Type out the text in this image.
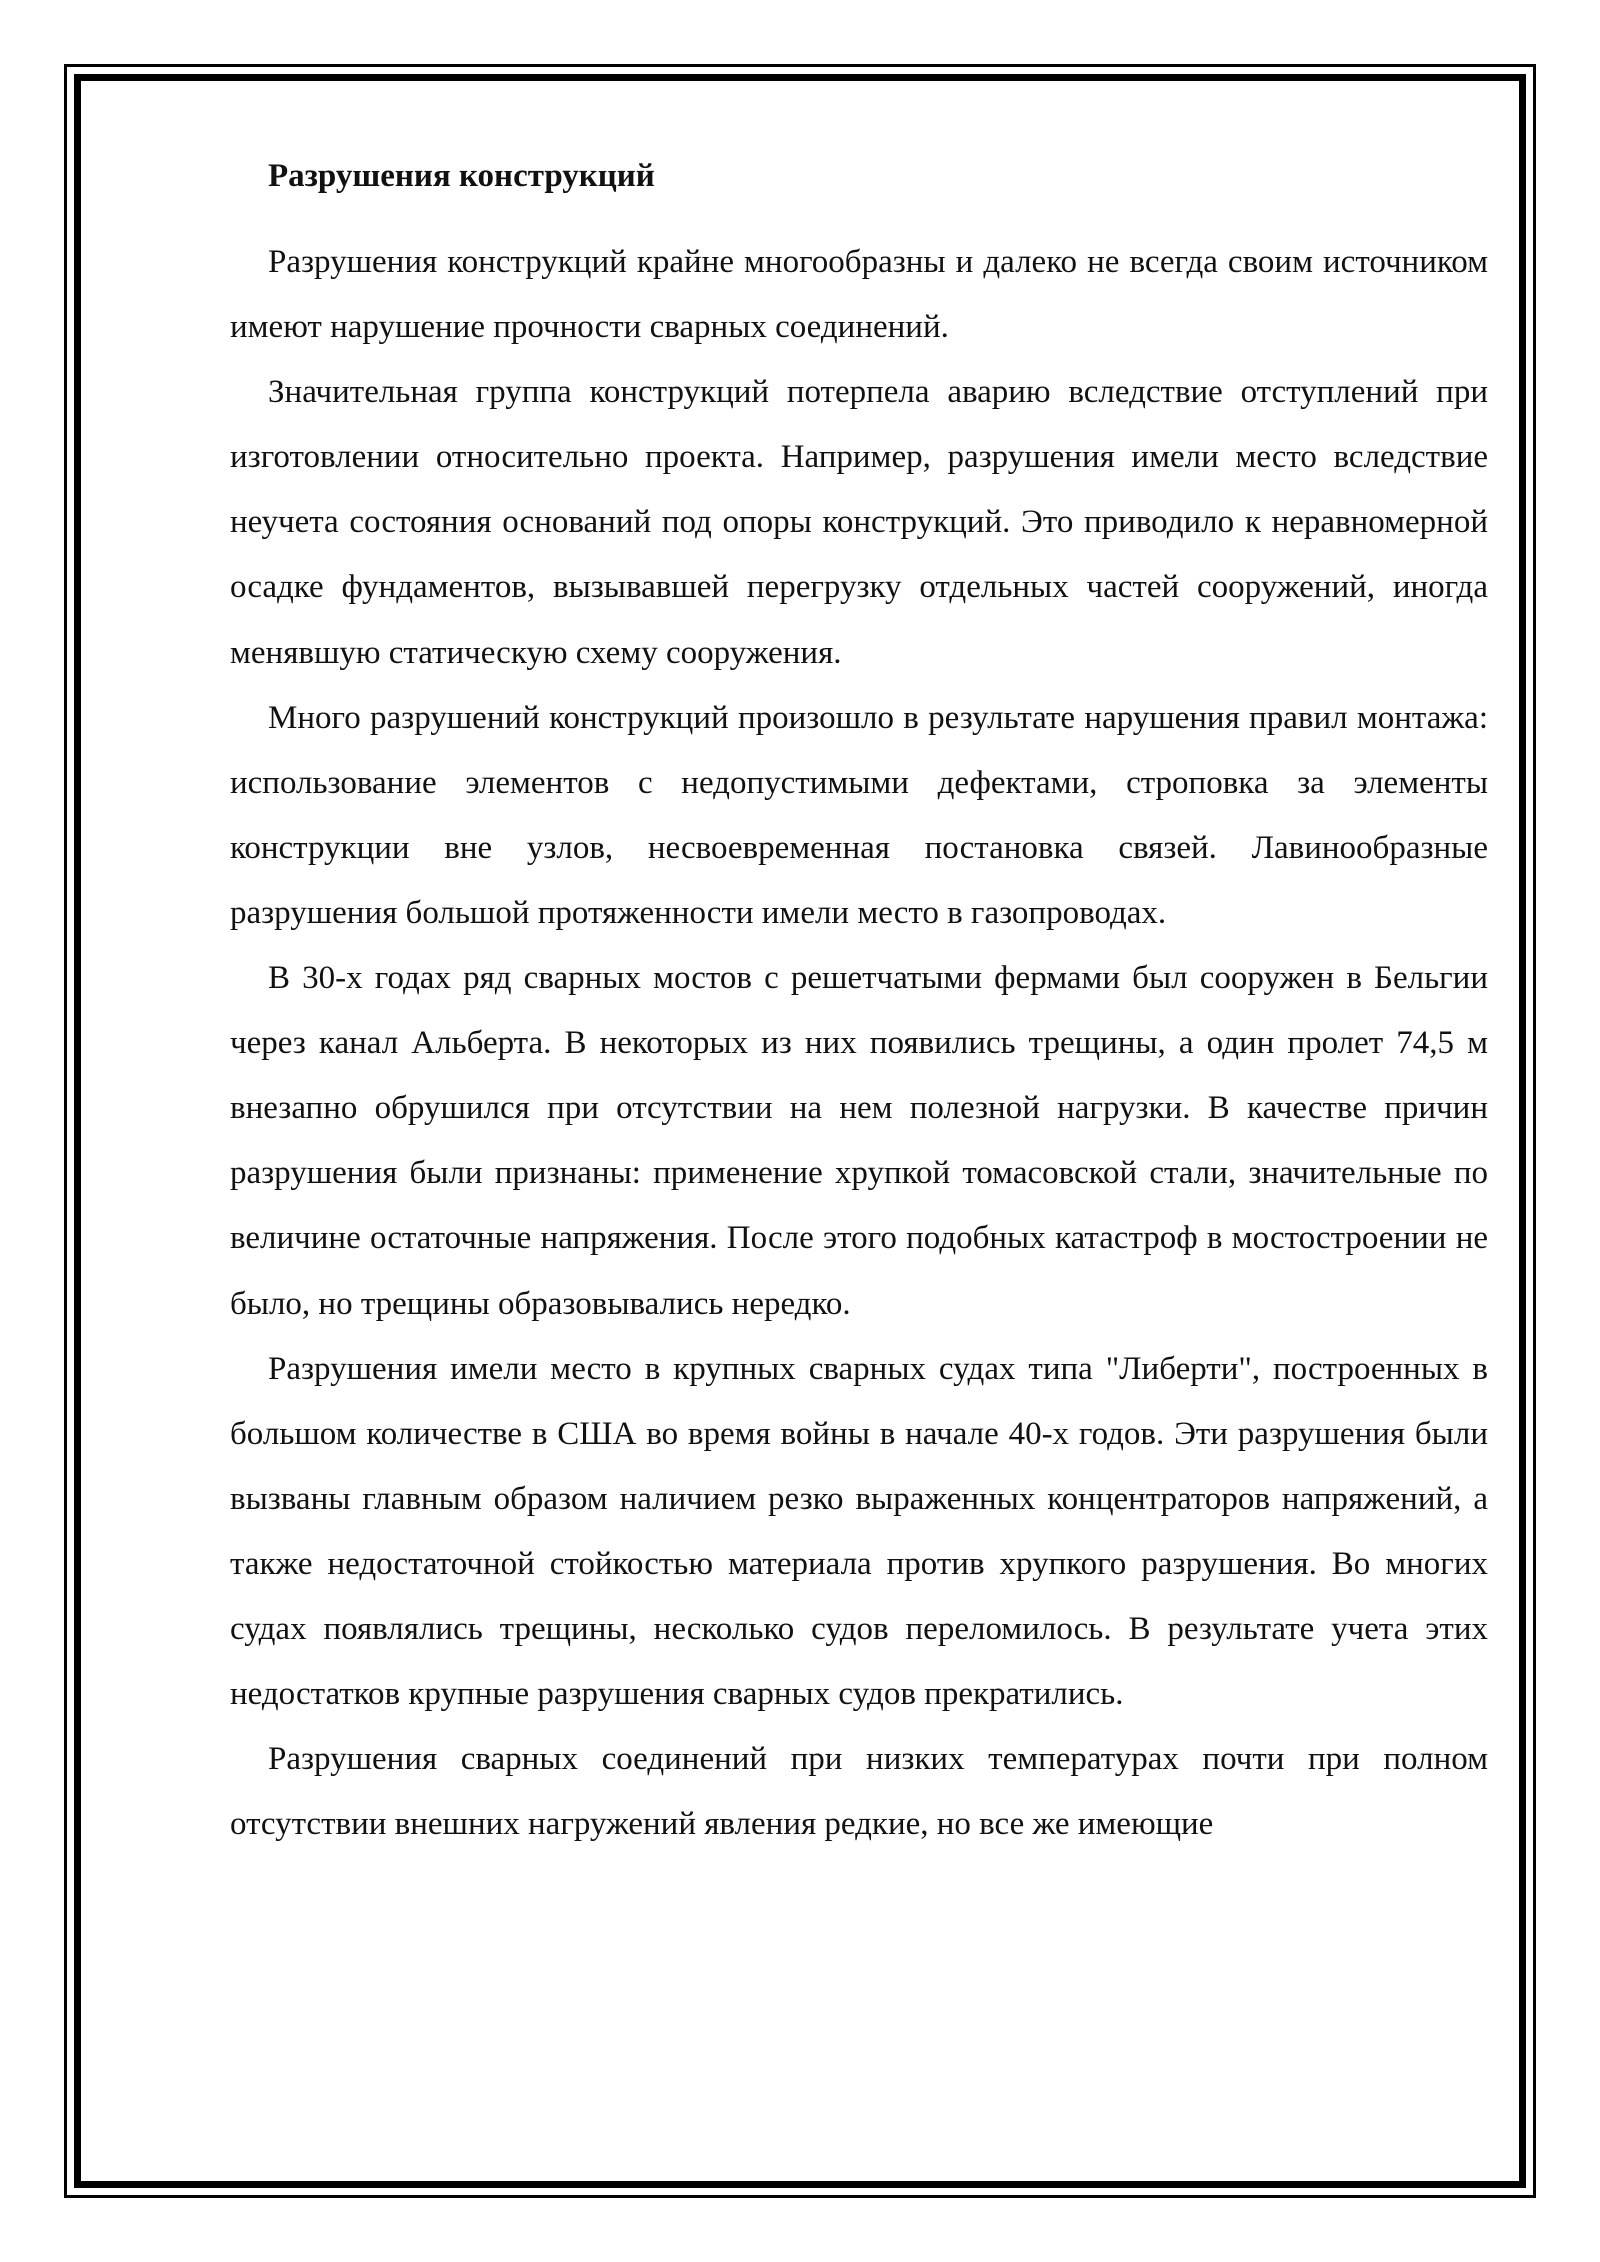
Разрушения конструкций

Разрушения конструкций крайне многообразны и далеко не всегда своим источником имеют нарушение прочности сварных соединений.

Значительная группа конструкций потерпела аварию вследствие отступлений при изготовлении относительно проекта. Например, разрушения имели место вследствие неучета состояния оснований под опоры конструкций. Это приводило к неравномерной осадке фундаментов, вызывавшей перегрузку отдельных частей сооружений, иногда менявшую статическую схему сооружения.

Много разрушений конструкций произошло в результате нарушения правил монтажа: использование элементов с недопустимыми дефектами, строповка за элементы конструкции вне узлов, несвоевременная постановка связей. Лавинообразные разрушения большой протяженности имели место в газопроводах.

В 30-х годах ряд сварных мостов с решетчатыми фермами был сооружен в Бельгии через канал Альберта. В некоторых из них появились трещины, а один пролет 74,5 м внезапно обрушился при отсутствии на нем полезной нагрузки. В качестве причин разрушения были признаны: применение хрупкой томасовской стали, значительные по величине остаточные напряжения. После этого подобных катастроф в мостостроении не было, но трещины образовывались нередко.

Разрушения имели место в крупных сварных судах типа "Либерти", построенных в большом количестве в США во время войны в начале 40-х годов. Эти разрушения были вызваны главным образом наличием резко выраженных концентраторов напряжений, а также недостаточной стойкостью материала против хрупкого разрушения. Во многих судах появлялись трещины, несколько судов переломилось. В результате учета этих недостатков крупные разрушения сварных судов прекратились.

Разрушения сварных соединений при низких температурах почти при полном отсутствии внешних нагружений явления редкие, но все же имеющие
